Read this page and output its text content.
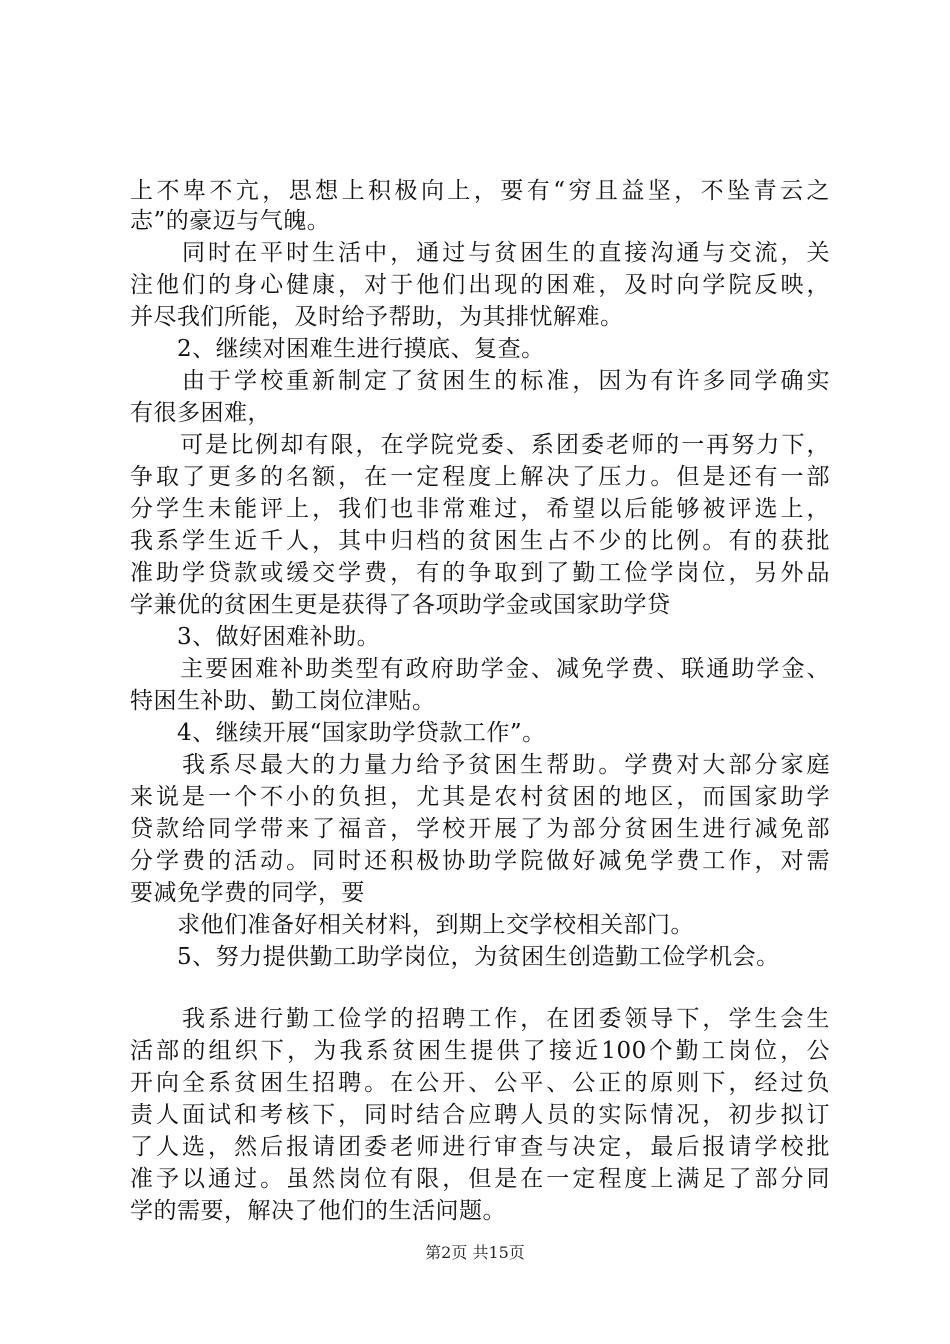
上不卑不亢，思想上积极向上，要有“穷且益坚，不坠青云之
志”的豪迈与气魄。
　　同时在平时生活中，通过与贫困生的直接沟通与交流，关
注他们的身心健康，对于他们出现的困难，及时向学院反映，
并尽我们所能，及时给予帮助，为其排忧解难。
　　2、继续对困难生进行摸底、复查。
　　由于学校重新制定了贫困生的标准，因为有许多同学确实
有很多困难，
　　可是比例却有限，在学院党委、系团委老师的一再努力下，
争取了更多的名额，在一定程度上解决了压力。但是还有一部
分学生未能评上，我们也非常难过，希望以后能够被评选上，
我系学生近千人，其中归档的贫困生占不少的比例。有的获批
准助学贷款或缓交学费，有的争取到了勤工俭学岗位，另外品
学兼优的贫困生更是获得了各项助学金或国家助学贷
　　3、做好困难补助。
　　主要困难补助类型有政府助学金、减免学费、联通助学金、
特困生补助、勤工岗位津贴。
　　4、继续开展“国家助学贷款工作”。
　　我系尽最大的力量力给予贫困生帮助。学费对大部分家庭
来说是一个不小的负担，尤其是农村贫困的地区，而国家助学
贷款给同学带来了福音，学校开展了为部分贫困生进行减免部
分学费的活动。同时还积极协助学院做好减免学费工作，对需
要减免学费的同学，要
　　求他们准备好相关材料，到期上交学校相关部门。
　　5、努力提供勤工助学岗位，为贫困生创造勤工俭学机会。
　　我系进行勤工俭学的招聘工作，在团委领导下，学生会生
活部的组织下，为我系贫困生提供了接近100个勤工岗位，公
开向全系贫困生招聘。在公开、公平、公正的原则下，经过负
责人面试和考核下，同时结合应聘人员的实际情况，初步拟订
了人选，然后报请团委老师进行审查与决定，最后报请学校批
准予以通过。虽然岗位有限，但是在一定程度上满足了部分同
学的需要，解决了他们的生活问题。
第2页 共15页
